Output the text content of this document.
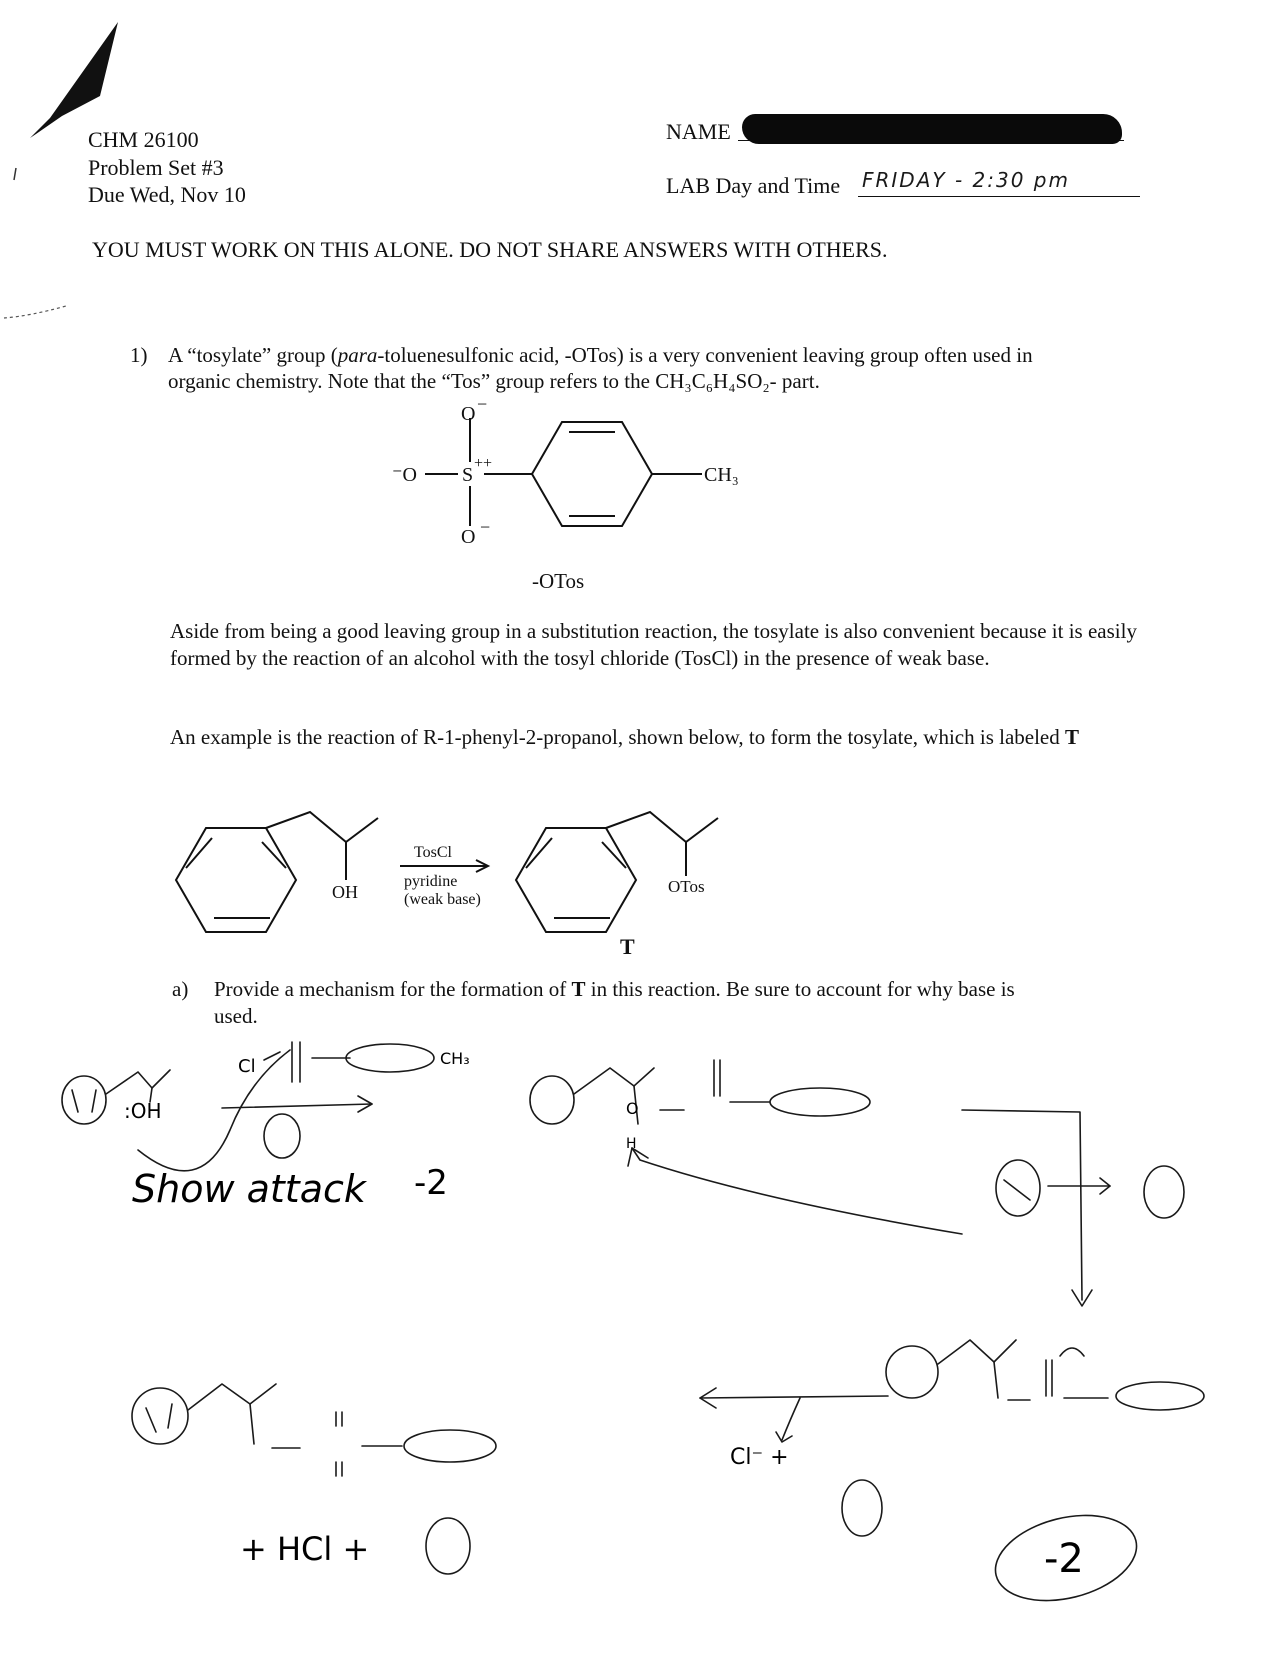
CHM 26100
Problem Set #3
Due Wed, Nov 10
NAME
LAB Day and Time FRIDAY - 2:30 pm
YOU MUST WORK ON THIS ALONE. DO NOT SHARE ANSWERS WITH OTHERS.
1) A “tosylate” group (para-toluenesulfonic acid, -OTos) is a very convenient leaving group often used in
organic chemistry. Note that the “Tos” group refers to the CH₃C₆H₄SO₂- part.
O −
⁻O S
++
O −
CH₃
-OTos
Aside from being a good leaving group in a substitution reaction, the tosylate is also convenient because it is easily formed by the reaction of an alcohol with the tosyl chloride (TosCl) in the presence of weak base.
An example is the reaction of R-1-phenyl-2-propanol, shown below, to form the tosylate, which is labeled T
OH
TosCl
pyridine
(weak base)
OTos
T
a) Provide a mechanism for the formation of T in this reaction. Be sure to account for why base is
used.
:OH
Cl	CH₃
Show attack -2
O
H
+ HCl +
Cl⁻ +
-2
